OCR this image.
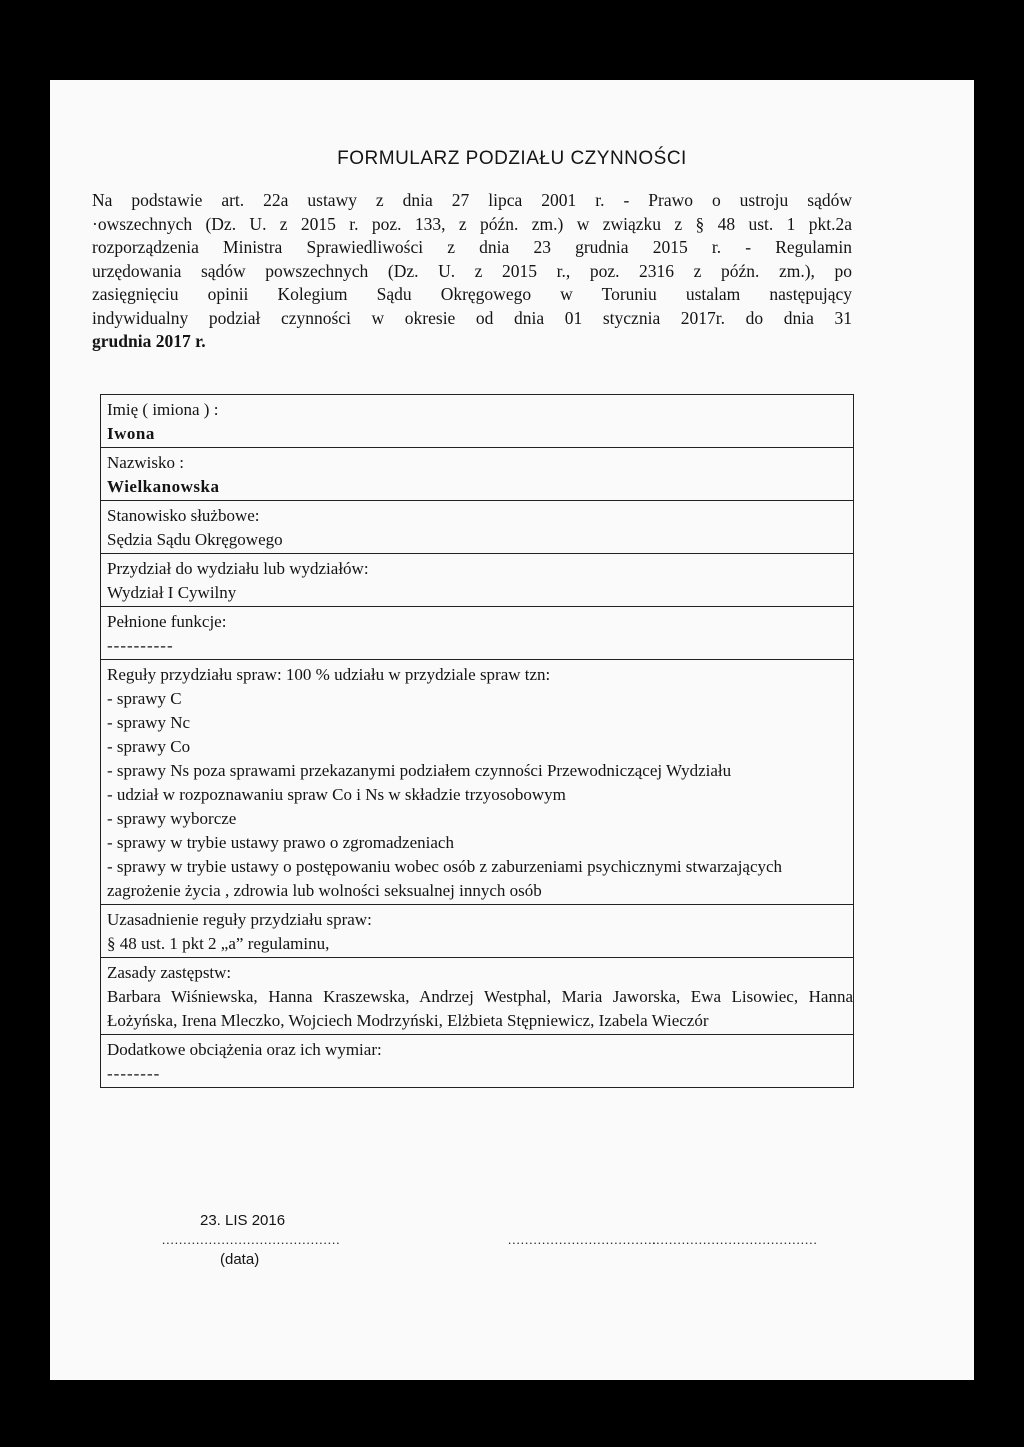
FORMULARZ PODZIAŁU CZYNNOŚCI
Na podstawie art. 22a ustawy z dnia 27 lipca 2001 r. - Prawo o ustroju sądów
·owszechnych (Dz. U. z 2015 r. poz. 133, z późn. zm.) w związku z § 48 ust. 1 pkt.2a
rozporządzenia Ministra Sprawiedliwości z dnia 23 grudnia 2015 r. - Regulamin
urzędowania sądów powszechnych (Dz. U. z 2015 r., poz. 2316 z późn. zm.), po
zasięgnięciu opinii Kolegium Sądu Okręgowego w Toruniu ustalam następujący
indywidualny podział czynności w okresie od dnia 01 stycznia 2017r. do dnia 31
grudnia 2017 r.
Imię ( imiona ) :
Iwona
Nazwisko :
Wielkanowska
Stanowisko służbowe:
Sędzia Sądu Okręgowego
Przydział do wydziału lub wydziałów:
Wydział I Cywilny
Pełnione funkcje:
----------
Reguły przydziału spraw: 100 % udziału w przydziale spraw tzn:
- sprawy C
- sprawy Nc
- sprawy Co
- sprawy Ns poza sprawami przekazanymi podziałem czynności Przewodniczącej Wydziału
- udział w rozpoznawaniu spraw Co i Ns w składzie trzyosobowym
- sprawy wyborcze
- sprawy w trybie ustawy prawo o zgromadzeniach
- sprawy w trybie ustawy o postępowaniu wobec osób z zaburzeniami psychicznymi stwarzających zagrożenie życia , zdrowia lub wolności seksualnej innych osób
Uzasadnienie reguły przydziału spraw:
§ 48 ust. 1 pkt 2 „a” regulaminu,
Zasady zastępstw:
Barbara Wiśniewska, Hanna Kraszewska, Andrzej Westphal, Maria Jaworska, Ewa Lisowiec, Hanna Łożyńska, Irena Mleczko, Wojciech Modrzyński, Elżbieta Stępniewicz, Izabela Wieczór
Dodatkowe obciążenia oraz ich wymiar:
--------
23. LIS 2016
..........................................	...................................
.......................................
(data)
